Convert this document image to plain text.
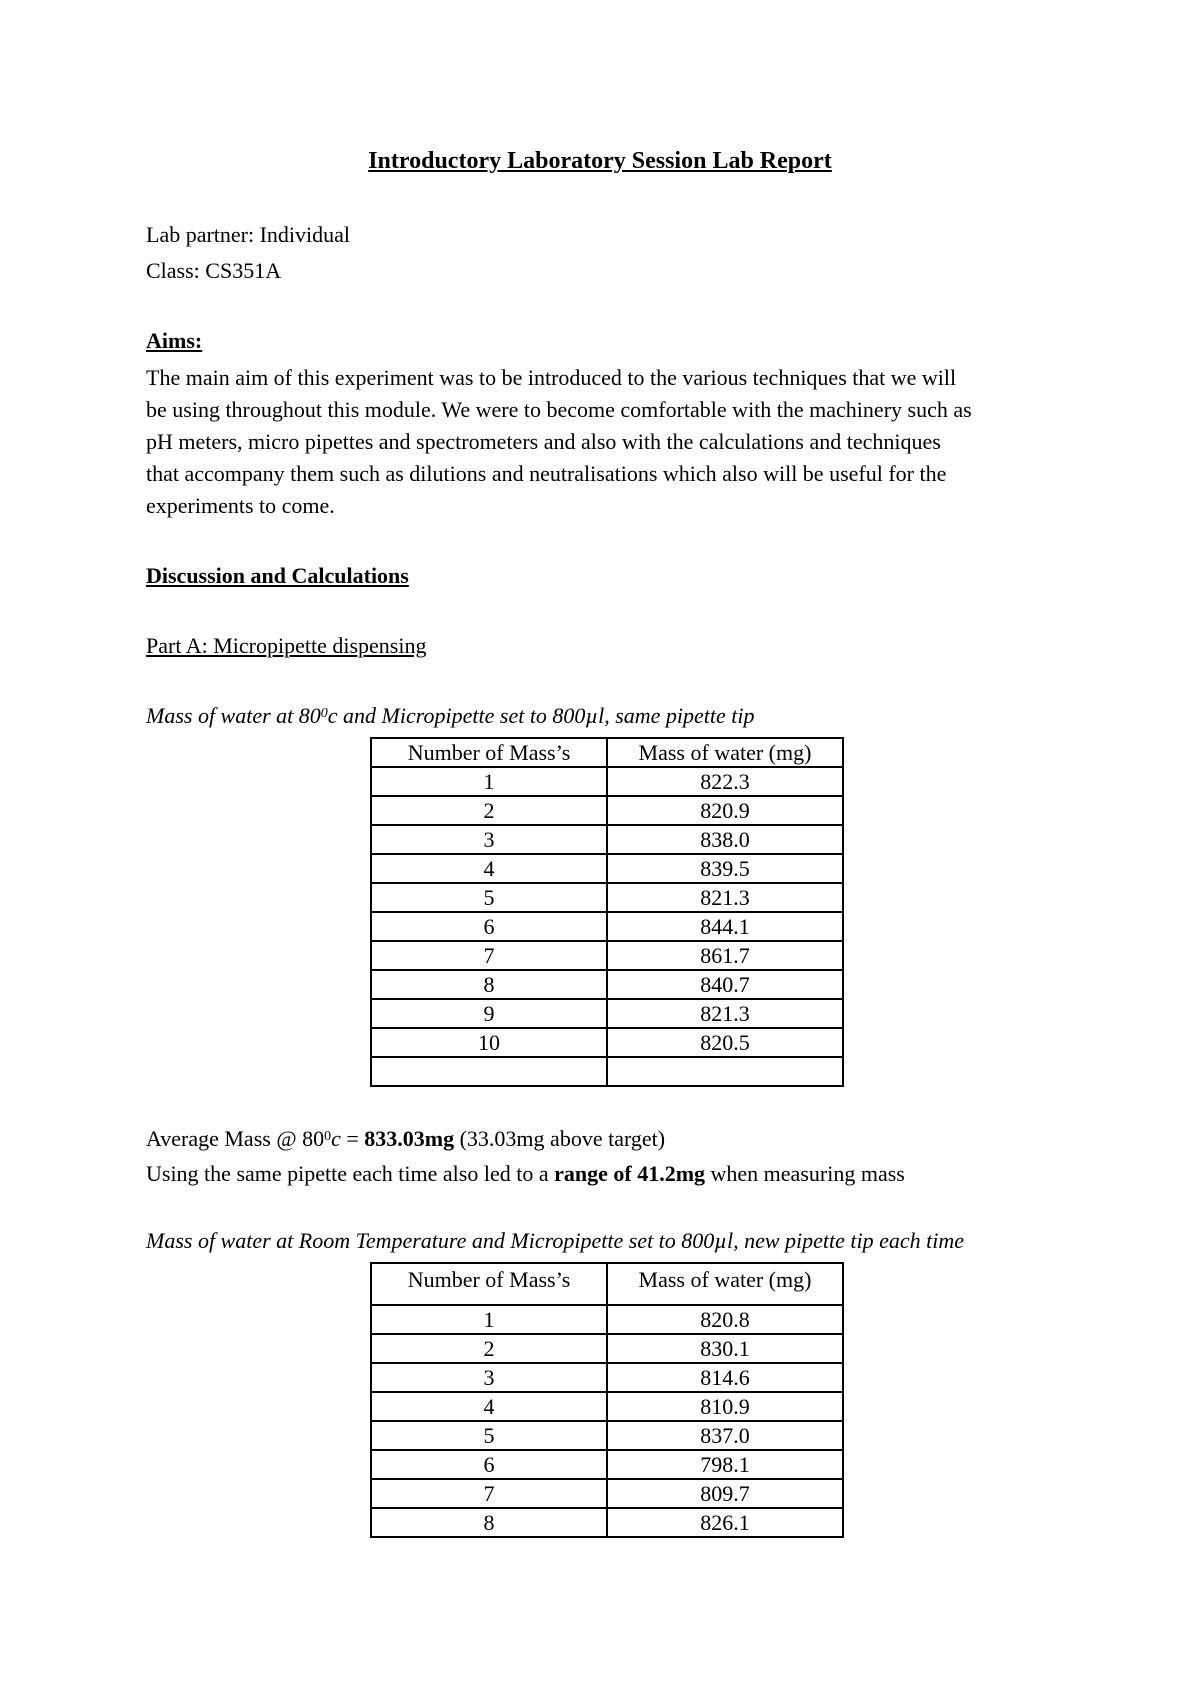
Introductory Laboratory Session Lab Report
Lab partner: Individual
Class: CS351A
Aims:
The main aim of this experiment was to be introduced to the various techniques that we will
be using throughout this module. We were to become comfortable with the machinery such as
pH meters, micro pipettes and spectrometers and also with the calculations and techniques
that accompany them such as dilutions and neutralisations which also will be useful for the
experiments to come.
Discussion and Calculations
Part A: Micropipette dispensing
Mass of water at $80^0c$ and Micropipette set to 800µl, same pipette tip
Number of Mass’s	Mass of water (mg)
1	822.3
2	820.9
3	838.0
4	839.5
5	821.3
6	844.1
7	861.7
8	840.7
9	821.3
10	820.5

Average Mass @ $80^0c = 833.03mg$ (33.03mg above target)
Using the same pipette each time also led to a range of 41.2mg when measuring mass
Mass of water at Room Temperature and Micropipette set to 800µl, new pipette tip each time
Number of Mass’s	Mass of water (mg)
1	820.8
2	830.1
3	814.6
4	810.9
5	837.0
6	798.1
7	809.7
8	826.1
